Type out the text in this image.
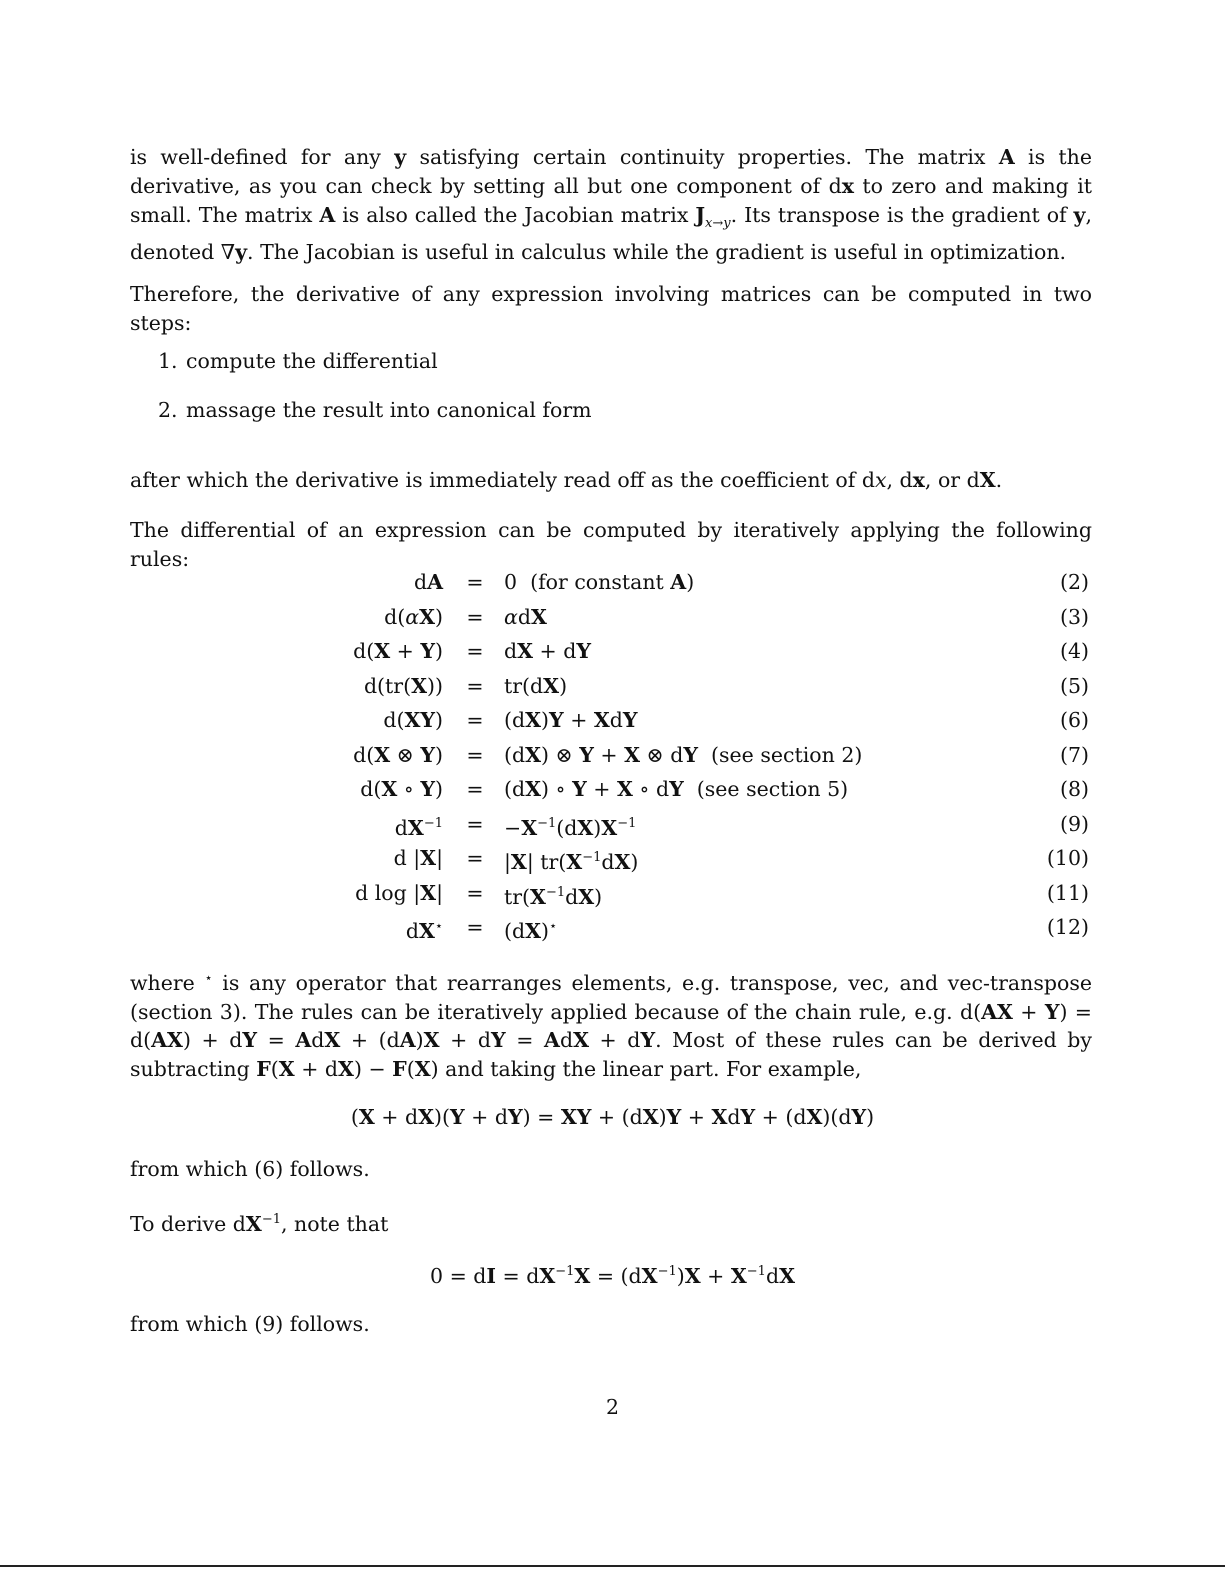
is well-defined for any y satisfying certain continuity properties. The matrix A is the derivative, as you can check by setting all but one component of dx to zero and making it small. The matrix A is also called the Jacobian matrix $J_{x\to y}$. Its transpose is the gradient of y, denoted ∇y. The Jacobian is useful in calculus while the gradient is useful in optimization.

Therefore, the derivative of any expression involving matrices can be computed in two steps:

1. compute the differential
2. massage the result into canonical form

after which the derivative is immediately read off as the coefficient of dx, dx, or dX.

The differential of an expression can be computed by iteratively applying the following rules:

dA = 0  (for constant A)	(2)
d(αX) = αdX	(3)
d(X + Y) = dX + dY	(4)
d(tr(X)) = tr(dX)	(5)
d(XY) = (dX)Y + XdY	(6)
d(X ⊗ Y) = (dX) ⊗ Y + X ⊗ dY  (see section 2)	(7)
d(X ∘ Y) = (dX) ∘ Y + X ∘ dY  (see section 5)	(8)
$dX^{-1} = -X^{-1}(dX)X^{-1}$	(9)
d |X| = |X| $tr(X^{-1}dX)$	(10)
d $\log |X| = tr(X^{-1}dX)$	(11)
dX⋆ = (dX)⋆	(12)

where ⋆ is any operator that rearranges elements, e.g. transpose, vec, and vec-transpose (section 3). The rules can be iteratively applied because of the chain rule, e.g. d(AX + Y) = d(AX) + dY = AdX + (dA)X + dY = AdX + dY. Most of these rules can be derived by subtracting F(X + dX) − F(X) and taking the linear part. For example,

(X + dX)(Y + dY) = XY + (dX)Y + XdY + (dX)(dY)

from which (6) follows.

To derive $dX^{-1}$, note that

0 = dI = $dX^{-1}X = (dX^{-1})X + X^{-1}dX$

from which (9) follows.

2
